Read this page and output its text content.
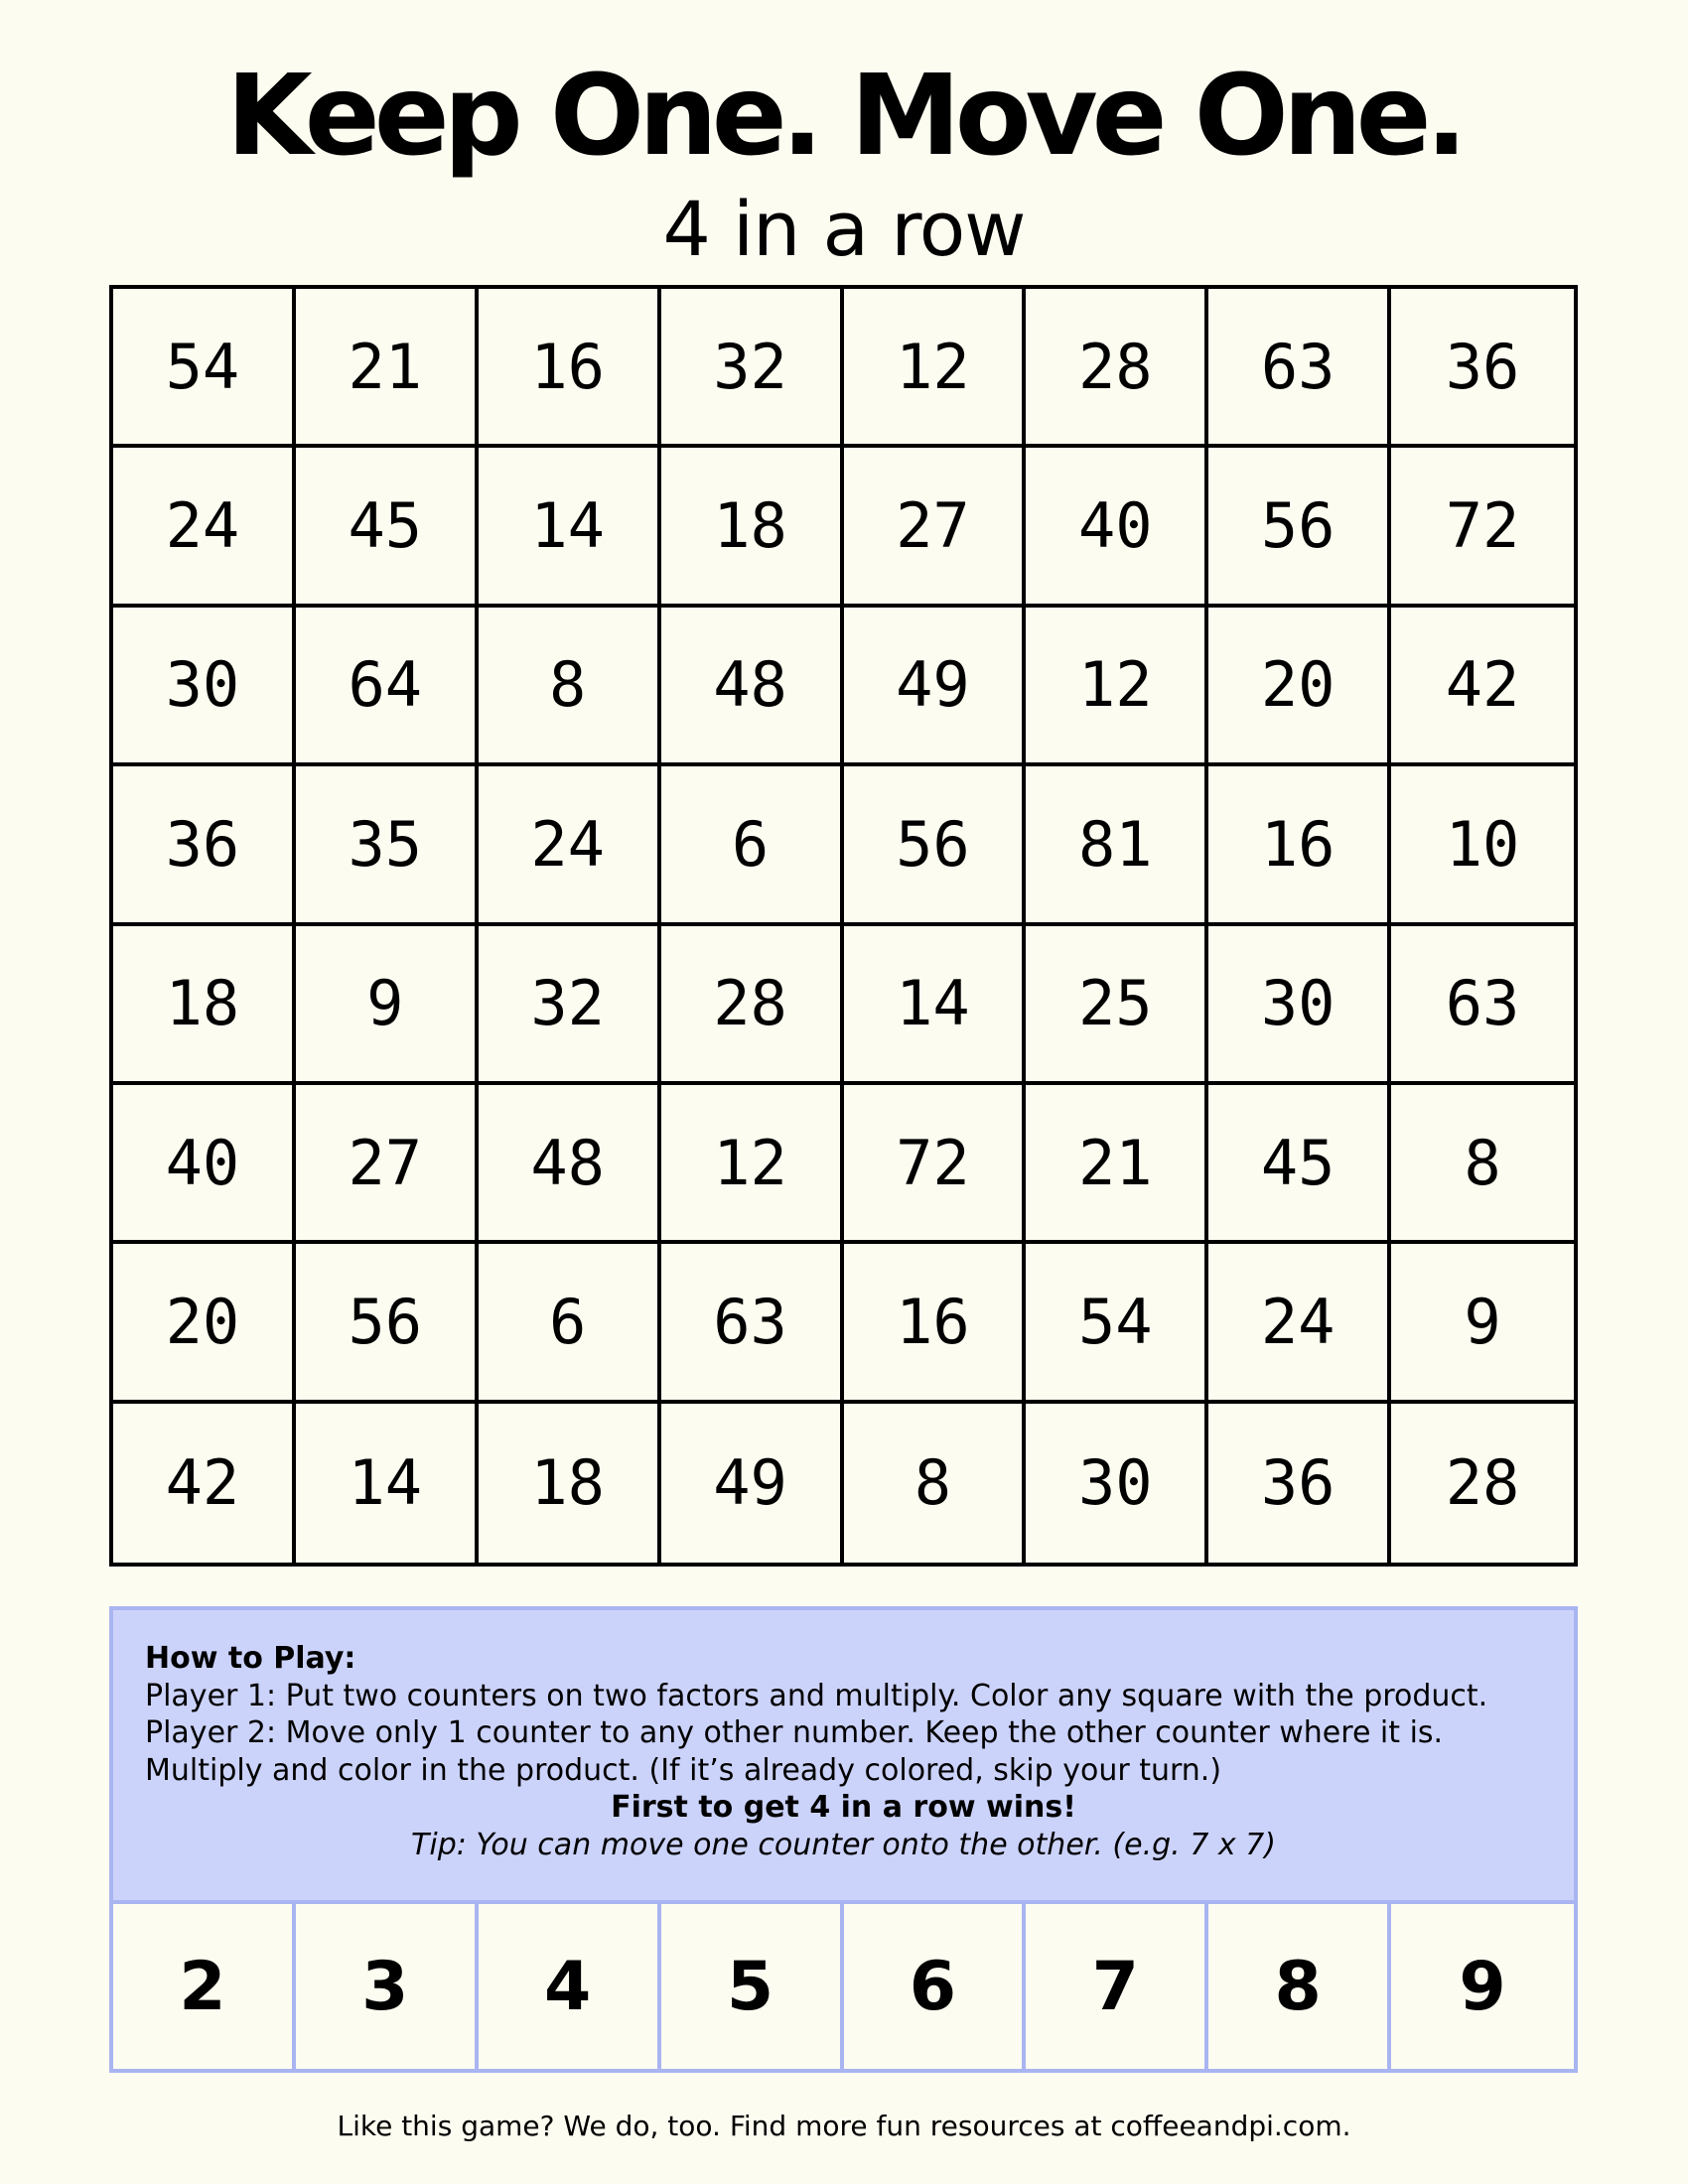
Keep One. Move One.
4 in a row
54	21	16	32	12	28	63	36
24	45	14	18	27	40	56	72
30	64	8	48	49	12	20	42
36	35	24	6	56	81	16	10
18	9	32	28	14	25	30	63
40	27	48	12	72	21	45	8
20	56	6	63	16	54	24	9
42	14	18	49	8	30	36	28
How to Play:
Player 1: Put two counters on two factors and multiply. Color any square with the product.
Player 2: Move only 1 counter to any other number. Keep the other counter where it is.
Multiply and color in the product. (If it’s already colored, skip your turn.)
First to get 4 in a row wins!
Tip: You can move one counter onto the other. (e.g. 7 x 7)
2	3	4	5	6	7	8	9
Like this game? We do, too. Find more fun resources at coffeeandpi.com.
